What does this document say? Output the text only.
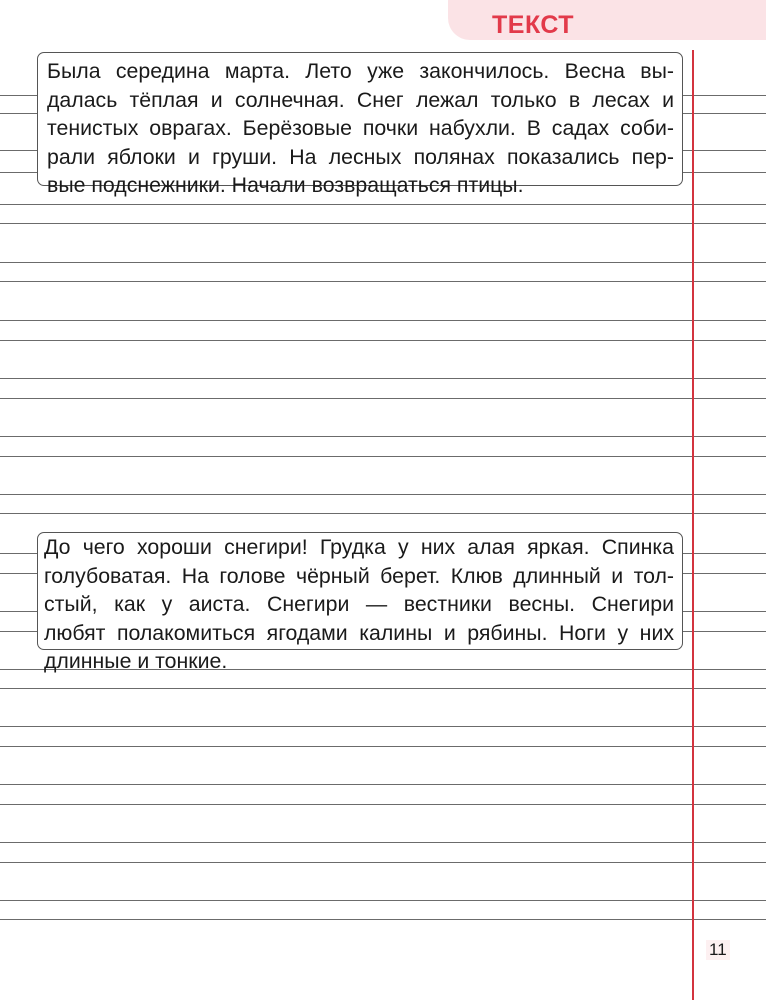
ТЕКСТ
Была середина марта. Лето уже закончилось. Весна вы-
далась тёплая и солнечная. Снег лежал только в лесах и
тенистых оврагах. Берёзовые почки набухли. В садах соби-
рали яблоки и груши. На лесных полянах показались пер-
вые подснежники. Начали возвращаться птицы.
До чего хороши снегири! Грудка у них алая яркая. Спинка
голубоватая. На голове чёрный берет. Клюв длинный и тол-
стый, как у аиста. Снегири — вестники весны. Снегири
любят полакомиться ягодами калины и рябины. Ноги у них
длинные и тонкие.
11
